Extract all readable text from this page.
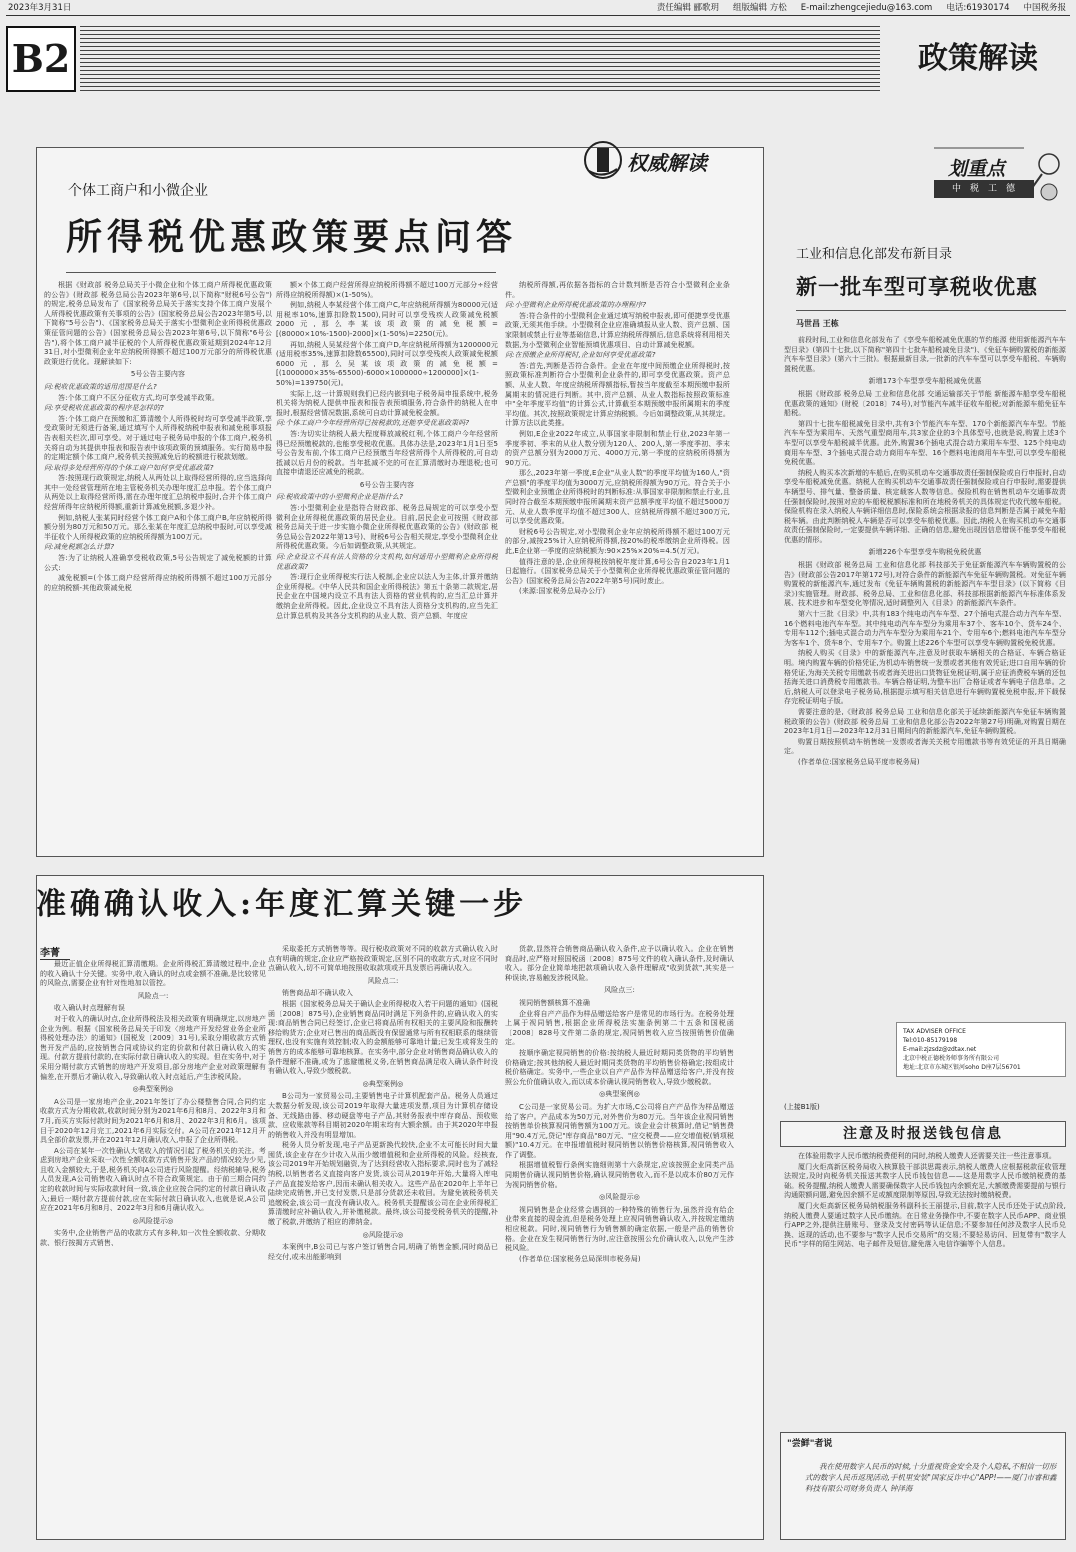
2023年3月31日	责任编辑 郦歌玥 组版编辑 方松 E-mail:zhengcejiedu@163.com 电话:61930174 中国税务报
B2	政策解读
权威解读
个体工商户和小微企业
所得税优惠政策要点问答

根据《财政部 税务总局关于小微企业和个体工商户所得税优惠政策的公告》(财政部 税务总局公告2023年第6号,以下简称"财税6号公告")的规定,税务总局发布了《国家税务总局关于落实支持个体工商户发展个人所得税优惠政策有关事项的公告》(国家税务总局公告2023年第5号,以下简称"5号公告")、《国家税务总局关于落实小型微利企业所得税优惠政策征管问题的公告》(国家税务总局公告2023年第6号,以下简称"6号公告"),将个体工商户减半征税的个人所得税优惠政策延期到2024年12月31日,对小型微利企业年应纳税所得额不超过100万元部分的所得税优惠政策进行优化。现解读如下:

5号公告主要内容

问:税收优惠政策的适用范围是什么?

答:个体工商户不区分征收方式,均可享受减半政策。

问:享受税收优惠政策的程序是怎样的?

答:个体工商户在预缴和汇算清缴个人所得税时均可享受减半政策,享受政策时无须进行备案,通过填写个人所得税纳税申报表和减免税事项报告表相关栏次,即可享受。对于通过电子税务局申报的个体工商户,税务机关将自动为其提供申报表和报告表中该项政策的预填服务。实行简易申报的定期定额个体工商户,税务机关按照减免后的税额进行税款划缴。

问:取得多处经营所得的个体工商户如何享受优惠政策?

答:按照现行政策规定,纳税人从两处以上取得经营所得的,应当选择向其中一处经营管理所在地主管税务机关办理年度汇总申报。若个体工商户从两处以上取得经营所得,需在办理年度汇总纳税申报时,合并个体工商户经营所得年应纳税所得额,重新计算减免税额,多退少补。

例如,纳税人张某同时经营个体工商户A和个体工商户B,年应纳税所得额分别为80万元和50万元。那么张某在年度汇总纳税申报时,可以享受减半征收个人所得税政策的应纳税所得额为100万元。

问:减免税额怎么计算?

答:为了让纳税人准确享受税收政策,5号公告规定了减免税额的计算公式:

减免税额=(个体工商户经营所得应纳税所得额不超过100万元部分的应纳税额-其他政策减免税

额×个体工商户经营所得应纳税所得额不超过100万元部分÷经营所得应纳税所得额)×(1-50%)。

例如,纳税人李某经营个体工商户C,年应纳税所得额为80000元(适用税率10%,速算扣除数1500),同时可以享受残疾人政策减免税额2000元,那么李某该项政策的减免税额=[(80000×10%-1500)-2000]×(1-50%)=2250(元)。

再如,纳税人吴某经营个体工商户D,年应纳税所得额为1200000元(适用税率35%,速算扣除数65500),同时可以享受残疾人政策减免税额6000元,那么吴某该项政策的减免税额=[(1000000×35%-65500)-6000×1000000÷1200000]×(1-50%)=139750(元)。

实际上,这一计算规则我们已经内嵌到电子税务局申报系统中,税务机关将为纳税人提供申报表和报告表预填服务,符合条件的纳税人在申报时,根据经营情况数据,系统可自动计算减免税金额。

问:个体工商户今年经营所得已按税款的,还能享受优惠政策吗?

答:为切实让纳税人最大程度释放减税红利,个体工商户今年经营所得已经预缴税款的,也能享受税收优惠。具体办法是,2023年1月1日至5号公告发布前,个体工商户已经预缴当年经营所得个人所得税的,可自动抵减以后月份的税款。当年抵减不完的可在汇算清缴时办理退税;也可直接申请退还应减免的税款。

6号公告主要内容

问:税收政策中的小型微利企业是指什么?

答:小型微利企业是指符合财政部、税务总局规定的可以享受小型微利企业所得税优惠政策的居民企业。目前,居民企业可按照《财政部 税务总局关于进一步实施小微企业所得税优惠政策的公告》(财政部 税务总局公告2022年第13号)、财税6号公告相关规定,享受小型微利企业所得税优惠政策。今后如调整政策,从其规定。

问:企业设立不具有法人资格的分支机构,如何适用小型微利企业所得税优惠政策?

答:现行企业所得税实行法人税制,企业应以法人为主体,计算并缴纳企业所得税。《中华人民共和国企业所得税法》第五十条第二款规定,居民企业在中国境内设立不具有法人资格的营业机构的,应当汇总计算并缴纳企业所得税。因此,企业设立不具有法人资格分支机构的,应当先汇总计算总机构及其各分支机构的从业人数、资产总额、年度应

纳税所得额,再依据各指标的合计数判断是否符合小型微利企业条件。

问:小型微利企业所得税优惠政策的办理程序?

答:符合条件的小型微利企业通过填写纳税申报表,即可便捷享受优惠政策,无须其他手续。小型微利企业应准确填报从业人数、资产总额、国家限制或禁止行业等基础信息,计算应纳税所得额后,信息系统将利用相关数据,为小型微利企业智能预填优惠项目、自动计算减免税额。

问:在预缴企业所得税时,企业如何享受优惠政策?

答:首先,判断是否符合条件。企业在年度中间预缴企业所得税时,按照政策标准判断符合小型微利企业条件的,即可享受优惠政策。资产总额、从业人数、年度应纳税所得额指标,暂按当年度截至本期预缴申报所属期末的情况进行判断。其中,资产总额、从业人数指标按照政策标准中"全年季度平均值"的计算公式,计算截至本期预缴申报所属期末的季度平均值。其次,按照政策规定计算应纳税额。今后如调整政策,从其规定。计算方法以此类推。

例如,E企业2022年成立,从事国家非限制和禁止行业,2023年第一季度季初、季末的从业人数分别为120人、200人,第一季度季初、季末的资产总额分别为2000万元、4000万元,第一季度的应纳税所得额为90万元。

那么,2023年第一季度,E企业"从业人数"的季度平均值为160人,"资产总额"的季度平均值为3000万元,应纳税所得额为90万元。符合关于小型微利企业预缴企业所得税时的判断标准:从事国家非限制和禁止行业,且同时符合截至本期预缴申报所属期末资产总额季度平均值不超过5000万元、从业人数季度平均值不超过300人、应纳税所得额不超过300万元,可以享受优惠政策。

财税6号公告规定,对小型微利企业年应纳税所得额不超过100万元的部分,减按25%计入应纳税所得额,按20%的税率缴纳企业所得税。因此,E企业第一季度的应纳税额为:90×25%×20%=4.5(万元)。

值得注意的是,企业所得税按纳税年度计算,6号公告自2023年1月1日起施行。《国家税务总局关于小型微利企业所得税优惠政策征管问题的公告》(国家税务总局公告2022年第5号)同时废止。

(来源:国家税务总局办公厅)

准确确认收入:年度汇算关键一步
李菁

最近正值企业所得税汇算清缴期。企业所得税汇算清缴过程中,企业的收入确认十分关键。实务中,收入确认的时点或金额不准确,是比较常见的风险点,需要企业有针对性地加以管控。

风险点一:

收入确认时点理解有误

对于收入的确认时点,企业所得税法及相关政策有明确规定,以房地产企业为例。根据《国家税务总局关于印发〈房地产开发经营业务企业所得税处理办法〉的通知》(国税发〔2009〕31号),采取分期收款方式销售开发产品的,应按销售合同或协议约定的价款和付款日确认收入的实现。付款方提前付款的,在实际付款日确认收入的实现。但在实务中,对于采用分期付款方式销售的房地产开发项目,部分房地产企业对政策理解有偏差,在开票后才确认收入,导致确认收入时点延后,产生涉税风险。

◎典型案例◎

A公司是一家房地产企业,2021年签订了办公楼整售合同,合同约定收款方式为分期收款,收款时间分别为2021年6月和8月、2022年3月和7月,而买方实际付款时间为2021年6月和8月、2022年3月和6月。该项目于2020年12月完工,2021年6月实际交付。A公司在2021年12月开具全部价款发票,并在2021年12月确认收入,申报了企业所得税。

A公司在某年一次性确认大笔收入的情况引起了税务机关的关注。考虑到房地产企业采取一次性全额收款方式销售开发产品的情况较为少见,且收入金额较大,于是,税务机关向A公司进行风险提醒。经纳税辅导,税务人员发现,A公司销售收入确认时点不符合政策规定。由于前三期合同约定的收款时间与实际收款时间一致,该企业应按合同约定的付款日确认收入;最后一期付款方提前付款,应在实际付款日确认收入,也就是说,A公司应在2021年6月和8月、2022年3月和6月确认收入。

◎风险提示◎

实务中,企业销售产品的收款方式有多种,如一次性全额收款、分期收款、银行按揭方式销售、

采取委托方式销售等等。现行税收政策对不同的收款方式确认收入时点有明确的规定,企业应严格按政策规定,区别不同的收款方式,对应不同时点确认收入,切不可简单地按照收取款项或开具发票后再确认收入。

风险点二:

销售商品却不确认收入

根据《国家税务总局关于确认企业所得税收入若干问题的通知》(国税函〔2008〕875号),企业销售商品同时满足下列条件的,应确认收入的实现:商品销售合同已经签订,企业已将商品所有权相关的主要风险和报酬转移给购货方;企业对已售出的商品既没有保留通常与所有权相联系的继续管理权,也没有实施有效控制;收入的金额能够可靠地计量;已发生或将发生的销售方的成本能够可靠地核算。在实务中,部分企业对销售商品确认收入的条件理解不准确,或为了逃避缴税义务,在销售商品满足收入确认条件时没有确认收入,导致少缴税款。

◎典型案例◎

B公司为一家贸易公司,主要销售电子计算机配套产品。税务人员通过大数据分析发现,该公司2019年取得大量进项发票,项目为计算机存储设备、无线路由器、移动硬盘等电子产品,其财务报表中库存商品、预收账款、应收账款等科目期初2020年期末均有大额余额。由于其2020年申报的销售收入并没有明显增加。

税务人员分析发现,电子产品更新换代较快,企业不太可能长时间大量囤货,该企业存在少计收入从而少缴增值税和企业所得税的风险。经核查,该公司2019年开始规划融资,为了达到经营收入指标要求,同时也为了减轻纳税,以销售者名义直接向客户发货,该公司从2019年开始,大量将入库电子产品直接发给客户,因而未确认相关收入。这些产品在2020年上半年已陆续完成销售,并已支付发票,只是部分货款还未收回。为避免被税务机关追缴税金,该公司一直没有确认收入。税务机关提醒该公司在企业所得税汇算清缴时应补确认收入,并补缴税款。最终,该公司接受税务机关的提醒,补缴了税款,并缴纳了相应的滞纳金。

◎风险提示◎

本案例中,B公司已与客户签订销售合同,明确了销售金额,同时商品已经交付,或未出能影响到

货款,显然符合销售商品确认收入条件,应予以确认收入。企业在销售商品时,应严格对照国税函〔2008〕875号文件的收入确认条件,及时确认收入。部分企业简单地把款项确认收入条件理解成"收到货款",其实是一种误读,容易触发涉税风险。

风险点三:

视同销售额核算不准确

企业将自产产品作为样品赠送给客户是常见的市场行为。在税务处理上属于视同销售,根据企业所得税法实施条例第二十五条和国税函〔2008〕828号文件第二条的规定,视同销售收入应当按照销售价值确定。

按顺序确定视同销售的价格:按纳税人最近时期同类货物的平均销售价格确定;按其他纳税人最近时期同类货物的平均销售价格确定;按组成计税价格确定。实务中,一些企业以自产产品作为样品赠送给客户,并没有按照公允价值确认收入,而以成本价确认视同销售收入,导致少缴税款。

◎典型案例◎

C公司是一家贸易公司。为扩大市场,C公司将自产产品作为样品赠送给了客户。产品成本为50万元,对外售价为80万元。当年该企业视同销售按销售单价核算视同销售额为100万元。该企业会计核算时,借记"销售费用"90.4万元,贷记"库存商品"80万元、"应交税费——应交增值税(销项税额)"10.4万元。在申报增值税时视同销售以销售价格核算,视同销售收入作了调整。

根据增值税暂行条例实施细则第十六条规定,应该按照企业同类产品同期售价确认视同销售价格,确认视同销售收入,而不是以成本价80万元作为视同销售价格。

◎风险提示◎

视同销售是企业经常会遇到的一种特殊的销售行为,虽然并没有给企业带来直接的现金流,但是税务处理上应视同销售确认收入,并按规定缴纳相应税款。同时,视同销售行为销售额的确定依据,一般是产品的销售价格。企业在发生视同销售行为时,应注意按照公允价确认收入,以免产生涉税风险。

(作者单位:国家税务总局深圳市税务局)

划重点
中税工德
工业和信息化部发布新目录
新一批车型可享税收优惠
马世昌 王栋

前段时间,工业和信息化部发布了《享受车船税减免优惠的节约能源 使用新能源汽车车型目录》(第四十七批,以下简称"第四十七批车船税减免目录")、《免征车辆购置税的新能源汽车车型目录》(第六十三批)。根据最新目录,一批新的汽车车型可以享受车船税、车辆购置税优惠。

新增173个车型享受车船税减免优惠

根据《财政部 税务总局 工业和信息化部 交通运输部关于节能 新能源车船享受车船税优惠政策的通知》(财税〔2018〕74号),对节能汽车减半征收车船税;对新能源车船免征车船税。

第四十七批车船税减免目录中,共有3个节能汽车车型、170个新能源汽车车型。节能汽车车型为乘用车、天然气重型商用车,共3家企业的3个具体型号,也就是说,购置上述3个车型可以享受车船税减半优惠。此外,购置36个插电式混合动力乘用车车型、125个纯电动商用车车型、3个插电式混合动力商用车车型、16个燃料电池商用车车型,可以享受车船税免税优惠。

纳税人购买本次新增的车船后,在购买机动车交通事故责任强制保险或自行申报时,自动享受车船税减免优惠。纳税人在购买机动车交通事故责任强制保险或自行申报时,需要提供车辆型号、排气量、整备质量、核定载客人数等信息。保险机构在销售机动车交通事故责任强制保险时,按照对应的车船税税额标准和所在地税务机关的具体规定代收代缴车船税。保险机构在录入纳税人车辆详细信息时,保险系统会根据录报的信息判断是否属于减免车船税车辆。由此判断纳税人车辆是否可以享受车船税优惠。因此,纳税人在购买机动车交通事故责任强制保险时,一定要提供车辆详细、正确的信息,避免出现因信息错误不能享受车船税优惠的情形。

新增226个车型享受车购税免税优惠

根据《财政部 税务总局 工业和信息化部 科技部关于免征新能源汽车车辆购置税的公告》(财政部公告2017年第172号),对符合条件的新能源汽车免征车辆购置税。对免征车辆购置税的新能源汽车,通过发布《免征车辆购置税的新能源汽车车型目录》(以下简称《目录》)实施管理。财政部、税务总局、工业和信息化部、科技部根据新能源汽车标准体系发展、技术进步和车型变化等情况,适时调整列入《目录》的新能源汽车条件。

第六十三批《目录》中,共有183个纯电动汽车车型、27个插电式混合动力汽车车型、16个燃料电池汽车车型。其中纯电动汽车车型分为乘用车37个、客车10个、货车24个、专用车112个;插电式混合动力汽车车型分为乘用车21个、专用车6个;燃料电池汽车车型分为客车1个、货车8个、专用车7个。购置上述226个车型可以享受车辆购置税免税优惠。

纳税人购买《目录》中的新能源汽车,注意及时获取车辆相关的合格证、车辆合格证明。境内购置车辆的价格凭证,为机动车销售统一发票或者其他有效凭证;进口自用车辆的价格凭证,为海关关税专用缴款书或者海关进出口货物征免税证明,属于应征消费税车辆的还包括海关进口消费税专用缴款书。车辆合格证明,为整车出厂合格证或者车辆电子信息单。之后,纳税人可以登录电子税务局,根据提示填写相关信息进行车辆购置税免税申报,并下载保存完税证明电子版。

需要注意的是,《财政部 税务总局 工业和信息化部关于延续新能源汽车免征车辆购置税政策的公告》(财政部 税务总局 工业和信息化部公告2022年第27号)明确,对购置日期在2023年1月1日—2023年12月31日期间内的新能源汽车,免征车辆购置税。

购置日期按照机动车销售统一发票或者海关关税专用缴款书等有效凭证的开具日期确定。

(作者单位:国家税务总局平度市税务局)

TAX ADVISER OFFICE
Tel:010-85179198
E-mail:zjzsdz@zdtax.net
北京中税正德税务师事务所有限公司
地址:北京市东城区银河soho D座7层56701
(上接B1版)
注意及时报送钱包信息

在体验用数字人民币缴纳税费便利的同时,纳税人缴费人还需要关注一些注意事项。

厦门火炬高新区税务局收入核算股干部洪思霞表示,纳税人缴费人应根据税款征收管理法规定,及时向税务机关报送其数字人民币钱包信息——这是用数字人民币缴纳税费的基础。税务提醒,纳税人缴费人需要确保数字人民币钱包内余额充足,大额缴费需要提前与银行沟通限额问题,避免因余额不足或额度限制等原因,导致无法按时缴纳税费。

厦门火炬高新区税务局纳税服务科副科长王丽提示,目前,数字人民币还处于试点阶段,纳税人缴费人要通过数字人民币缴纳。在日常业务操作中,不要在数字人民币APP、商业银行APP之外,提供注册账号、登录及支付密码等认证信息;不要参加任何涉及数字人民币兑换、返现的活动,也不要参与"数字人民币交易所"的交易;不要轻易访问、回复带有"数字人民币"字样的陌生网站、电子邮件及短信,避免落入电信诈骗等个人信息。

"尝鲜"者说
我在使用数字人民币的时候,十分重视资金安全及个人隐私,不相信一切形式的数字人民币返现活动,手机里安装"国家反诈中心"APP!——厦门市睿和鑫科技有限公司财务负责人 钟泽海
